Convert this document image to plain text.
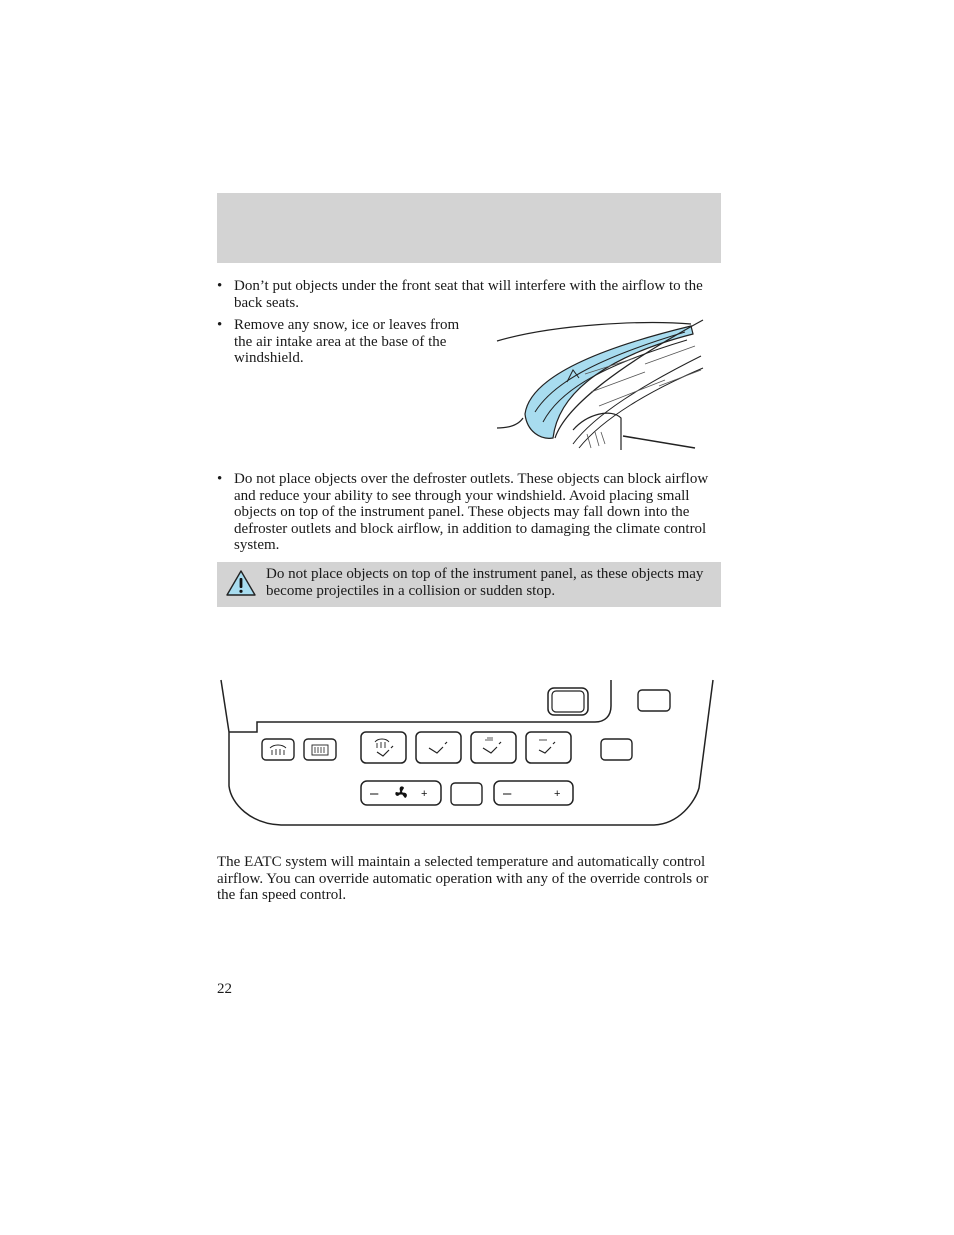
• Don’t put objects under the front seat that will interfere with the airflow to the back seats.
• Remove any snow, ice or leaves from the air intake area at the base of the windshield.
• Do not place objects over the defroster outlets. These objects can block airflow and reduce your ability to see through your windshield. Avoid placing small objects on top of the instrument panel. These objects may fall down into the defroster outlets and block airflow, in addition to damaging the climate control system.
Do not place objects on top of the instrument panel, as these objects may become projectiles in a collision or sudden stop.
–	+	–	+
The EATC system will maintain a selected temperature and automatically control airflow. You can override automatic operation with any of the override controls or the fan speed control.
22
